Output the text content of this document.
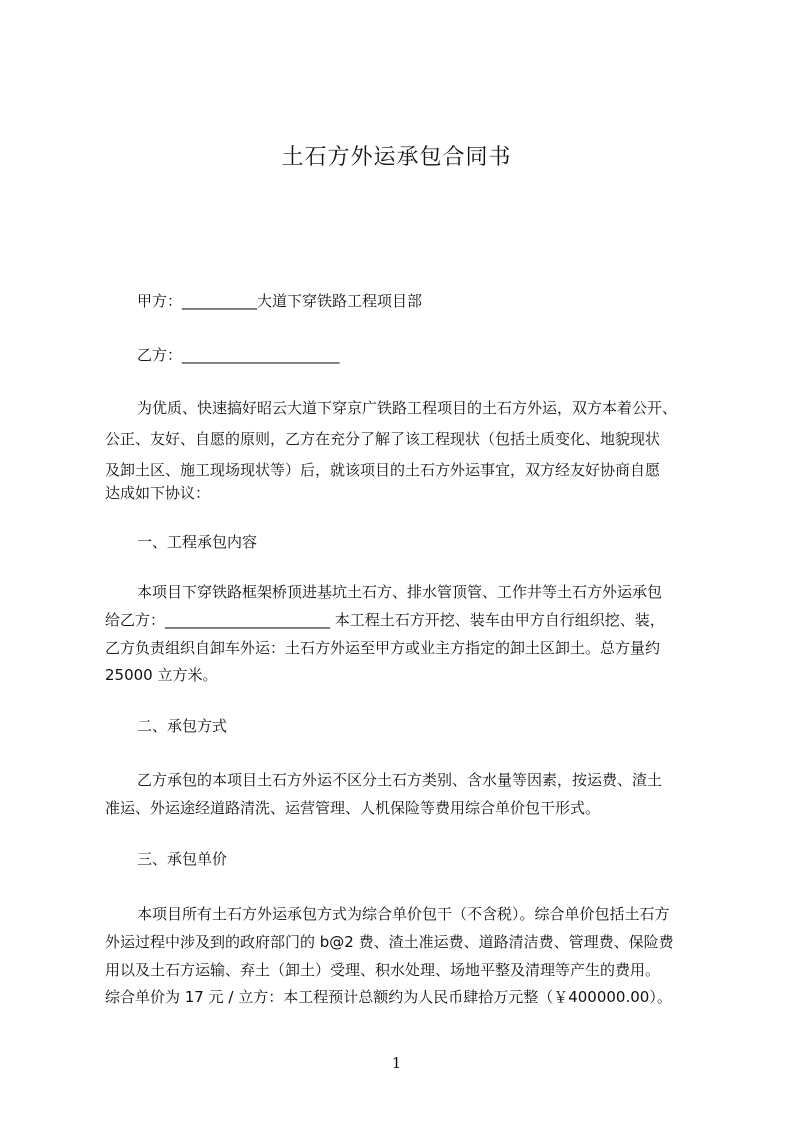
土石方外运承包合同书
甲方：__________大道下穿铁路工程项目部
乙方：_____________________
为优质、快速搞好昭云大道下穿京广铁路工程项目的土石方外运，双方本着公开、
公正、友好、自愿的原则，乙方在充分了解了该工程现状（包括土质变化、地貌现状
及卸土区、施工现场现状等）后，就该项目的土石方外运事宜，双方经友好协商自愿
达成如下协议：
一、工程承包内容
本项目下穿铁路框架桥顶进基坑土石方、排水管顶管、工作井等土石方外运承包
给乙方：______________________ 本工程土石方开挖、装车由甲方自行组织挖、装，
乙方负责组织自卸车外运：土石方外运至甲方或业主方指定的卸土区卸土。总方量约
25000 立方米。
二、承包方式
乙方承包的本项目土石方外运不区分土石方类别、含水量等因素，按运费、渣土
准运、外运途经道路清洗、运营管理、人机保险等费用综合单价包干形式。
三、承包单价
本项目所有土石方外运承包方式为综合单价包干（不含税）。综合单价包括土石方
外运过程中涉及到的政府部门的 b@2 费、渣土准运费、道路清洁费、管理费、保险费
用以及土石方运输、弃土（卸土）受理、积水处理、场地平整及清理等产生的费用。
综合单价为 17 元 / 立方：本工程预计总额约为人民币肆拾万元整（￥400000.00）。
1
